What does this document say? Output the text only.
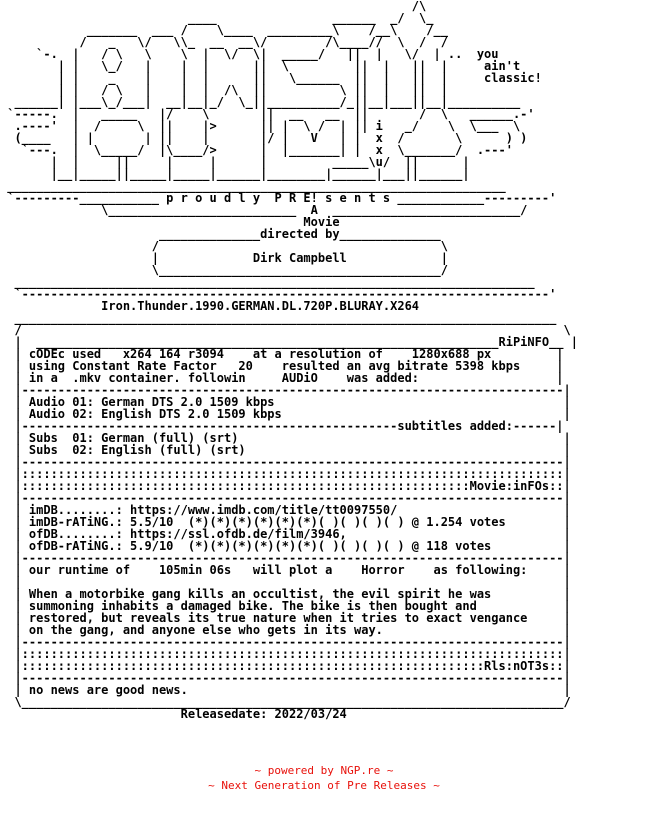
/\
____                ______  _/  \_
_______  ___ /    \____  _________\    /__\    /__
/   _   \/   \\_  __  __\/        /\____//  \  /  /
`-.  |   / \   \    \  |  \/  \|  _____/   ||  |   \/  | ..  you
| |   \_/   |    |  |      ||  \         ||  |   ||  |     ain't
| |    _    |    |  |      ||   \______  ||  |   ||  |     classic!
| |   / \   |    |  |  /\  ||          \ ||  |   ||  |
______| |___\_/___|  __|__|_/  \_||__________/_||__|___||__|__________
`-----.  |   _____   |/    \       ||  __   __  ||       /  \   ______.-'
.----'  |  /     \  ||    |>      || |  \ /  | || i   _/    \  \___  \
(____   | |       | ||    |       |/ |   V   | |  x  /       \      ) )
`---.  |  \_____/  |\____/>      |  |_______| |  x  \_______/  .---'
|  |     ||     |     |      |         _____\u/  ||      |
|__|_____||_____|_____|______|________|______|___||______|
_____________________________________________________________________
`---------___________ p r o u d l y  P R E! s e n t s ____________---------'
\__________________________  A  __________________________/
Movie
______________directed by______________
/                                       \
|             Dirk Campbell             |
\_______________________________________/
________________________________________________________________________
`-------------------------------------------------------------------------'
Iron.Thunder.1990.GERMAN.DL.720P.BLURAY.X264
___________________________________________________________________________
/                                                                           \
|  ________________________________________________________________RiPiNFO__ |
| cODEc used   x264 164 r3094    at a resolution of    1280x688 px         |
| using Constant Rate Factor   20    resulted an avg bitrate 5398 kbps     |
| in a  .mkv container. followin     AUDiO    was added:                   |
|---------------------------------------------------------------------------|
| Audio 01: German DTS 2.0 1509 kbps                                        |
| Audio 02: English DTS 2.0 1509 kbps                                       |
|----------------------------------------------------subtitles added:------|
| Subs  01: German (full) (srt)                                             |
| Subs  02: English (full) (srt)                                            |
|---------------------------------------------------------------------------|
|:::::::::::::::::::::::::::::::::::::::::::::::::::::::::::::::::::::::::::|
|::::::::::::::::::::::::::::::::::::::::::::::::::::::::::::::Movie:inFOs::|
|---------------------------------------------------------------------------|
| imDB........: https://www.imdb.com/title/tt0097550/                       |
| imDB-rATiNG.: 5.5/10  (*)(*)(*)(*)(*)(*)( )( )( )( ) @ 1.254 votes        |
| ofDB........: https://ssl.ofdb.de/film/3946,                              |
| ofDB-rATiNG.: 5.9/10  (*)(*)(*)(*)(*)(*)( )( )( )( ) @ 118 votes          |
|---------------------------------------------------------------------------|
| our runtime of    105min 06s   will plot a    Horror    as following:     |
|                                                                           |
| When a motorbike gang kills an occultist, the evil spirit he was          |
| summoning inhabits a damaged bike. The bike is then bought and            |
| restored, but reveals its true nature when it tries to exact vengance     |
| on the gang, and anyone else who gets in its way.                         |
|---------------------------------------------------------------------------|
|:::::::::::::::::::::::::::::::::::::::::::::::::::::::::::::::::::::::::::|
|::::::::::::::::::::::::::::::::::::::::::::::::::::::::::::::::Rls:nOT3s::|
|---------------------------------------------------------------------------|
| no news are good news.                                                    |
\___________________________________________________________________________/
Releasedate: 2022/03/24
~ powered by NGP.re ~
~ Next Generation of Pre Releases ~
